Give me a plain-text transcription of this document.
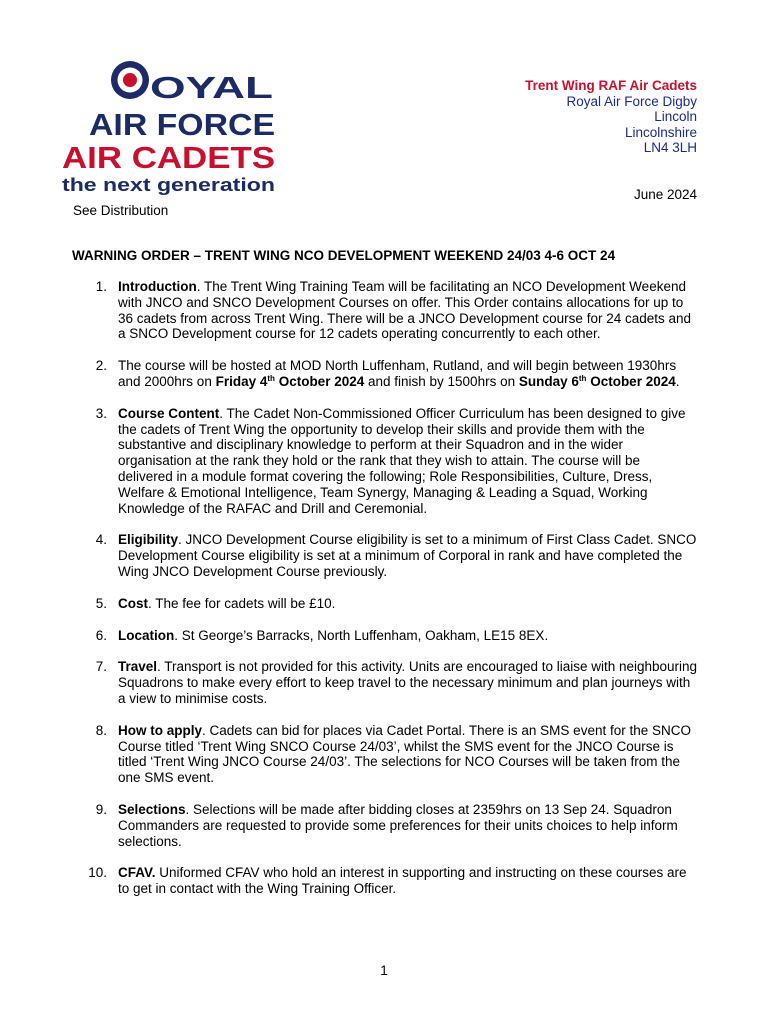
OYAL
AIR FORCE
AIR CADETS
the next generation
Trent Wing RAF Air Cadets
Royal Air Force Digby
Lincoln
Lincolnshire
LN4 3LH
June 2024
See Distribution
WARNING ORDER – TRENT WING NCO DEVELOPMENT WEEKEND 24/03 4-6 OCT 24
1. Introduction. The Trent Wing Training Team will be facilitating an NCO Development Weekend with JNCO and SNCO Development Courses on offer. This Order contains allocations for up to 36 cadets from across Trent Wing. There will be a JNCO Development course for 24 cadets and a SNCO Development course for 12 cadets operating concurrently to each other.
2. The course will be hosted at MOD North Luffenham, Rutland, and will begin between 1930hrs and 2000hrs on Friday 4th October 2024 and finish by 1500hrs on Sunday 6th October 2024.
3. Course Content. The Cadet Non-Commissioned Officer Curriculum has been designed to give the cadets of Trent Wing the opportunity to develop their skills and provide them with the substantive and disciplinary knowledge to perform at their Squadron and in the wider organisation at the rank they hold or the rank that they wish to attain. The course will be delivered in a module format covering the following; Role Responsibilities, Culture, Dress, Welfare & Emotional Intelligence, Team Synergy, Managing & Leading a Squad, Working Knowledge of the RAFAC and Drill and Ceremonial.
4. Eligibility. JNCO Development Course eligibility is set to a minimum of First Class Cadet. SNCO Development Course eligibility is set at a minimum of Corporal in rank and have completed the Wing JNCO Development Course previously.
5. Cost. The fee for cadets will be £10.
6. Location. St George’s Barracks, North Luffenham, Oakham, LE15 8EX.
7. Travel. Transport is not provided for this activity. Units are encouraged to liaise with neighbouring Squadrons to make every effort to keep travel to the necessary minimum and plan journeys with a view to minimise costs.
8. How to apply. Cadets can bid for places via Cadet Portal. There is an SMS event for the SNCO Course titled ‘Trent Wing SNCO Course 24/03’, whilst the SMS event for the JNCO Course is titled ‘Trent Wing JNCO Course 24/03’. The selections for NCO Courses will be taken from the one SMS event.
9. Selections. Selections will be made after bidding closes at 2359hrs on 13 Sep 24. Squadron Commanders are requested to provide some preferences for their units choices to help inform selections.
10. CFAV. Uniformed CFAV who hold an interest in supporting and instructing on these courses are to get in contact with the Wing Training Officer.
1
